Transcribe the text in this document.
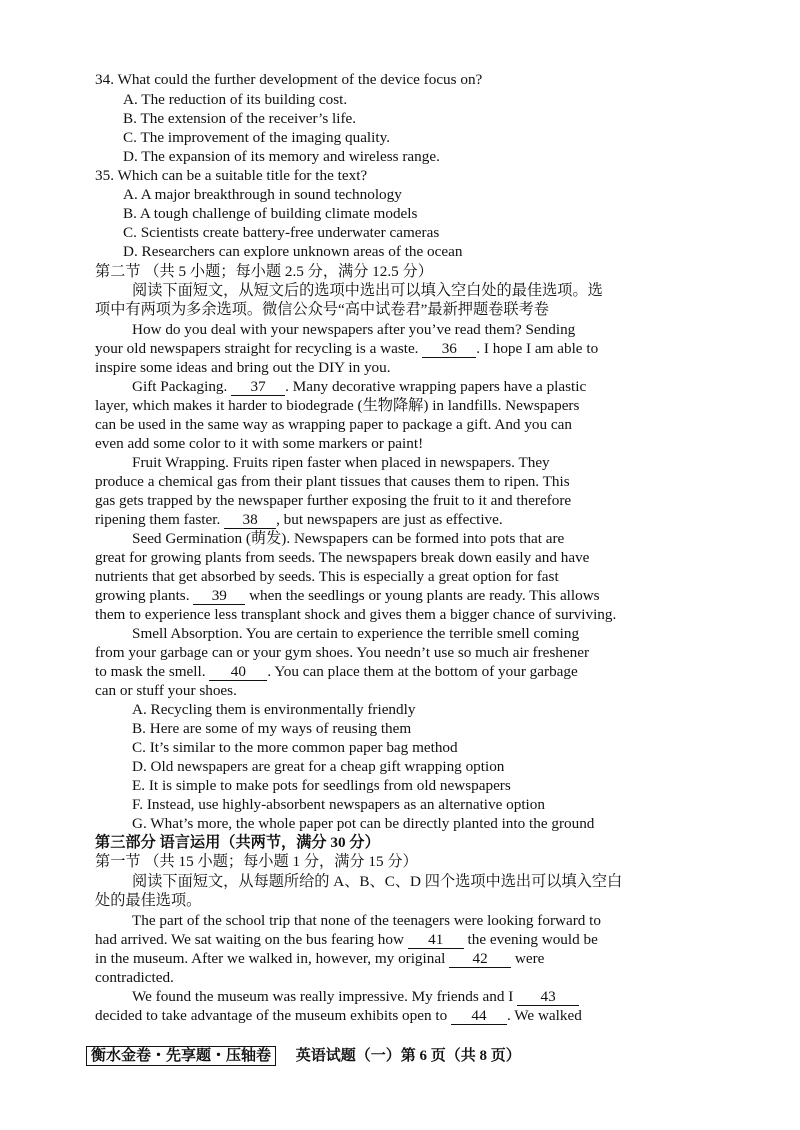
34. What could the further development of the device focus on?
A. The reduction of its building cost.
B. The extension of the receiver’s life.
C. The improvement of the imaging quality.
D. The expansion of its memory and wireless range.
35. Which can be a suitable title for the text?
A. A major breakthrough in sound technology
B. A tough challenge of building climate models
C. Scientists create battery-free underwater cameras
D. Researchers can explore unknown areas of the ocean
第二节 （共 5 小题；每小题 2.5 分，满分 12.5 分）
阅读下面短文，从短文后的选项中选出可以填入空白处的最佳选项。选
项中有两项为多余选项。微信公众号“高中试卷君”最新押题卷联考卷
How do you deal with your newspapers after you’ve read them? Sending
your old newspapers straight for recycling is a waste. 36 . I hope I am able to
inspire some ideas and bring out the DIY in you.
Gift Packaging. 37 . Many decorative wrapping papers have a plastic
layer, which makes it harder to biodegrade (生物降解) in landfills. Newspapers
can be used in the same way as wrapping paper to package a gift. And you can
even add some color to it with some markers or paint!
Fruit Wrapping. Fruits ripen faster when placed in newspapers. They
produce a chemical gas from their plant tissues that causes them to ripen. This
gas gets trapped by the newspaper further exposing the fruit to it and therefore
ripening them faster. 38 , but newspapers are just as effective.
Seed Germination (萌发). Newspapers can be formed into pots that are
great for growing plants from seeds. The newspapers break down easily and have
nutrients that get absorbed by seeds. This is especially a great option for fast
growing plants. 39 when the seedlings or young plants are ready. This allows
them to experience less transplant shock and gives them a bigger chance of surviving.
Smell Absorption. You are certain to experience the terrible smell coming
from your garbage can or your gym shoes. You needn’t use so much air freshener
to mask the smell. 40 . You can place them at the bottom of your garbage
can or stuff your shoes.
A. Recycling them is environmentally friendly
B. Here are some of my ways of reusing them
C. It’s similar to the more common paper bag method
D. Old newspapers are great for a cheap gift wrapping option
E. It is simple to make pots for seedlings from old newspapers
F. Instead, use highly-absorbent newspapers as an alternative option
G. What’s more, the whole paper pot can be directly planted into the ground
第三部分 语言运用（共两节，满分 30 分）
第一节 （共 15 小题；每小题 1 分，满分 15 分）
阅读下面短文，从每题所给的 A、B、C、D 四个选项中选出可以填入空白
处的最佳选项。
The part of the school trip that none of the teenagers were looking forward to
had arrived. We sat waiting on the bus fearing how 41 the evening would be
in the museum. After we walked in, however, my original 42 were
contradicted.
We found the museum was really impressive. My friends and I 43
decided to take advantage of the museum exhibits open to 44 . We walked
衡水金卷・先享题・压轴卷 英语试题（一）第 6 页（共 8 页）
